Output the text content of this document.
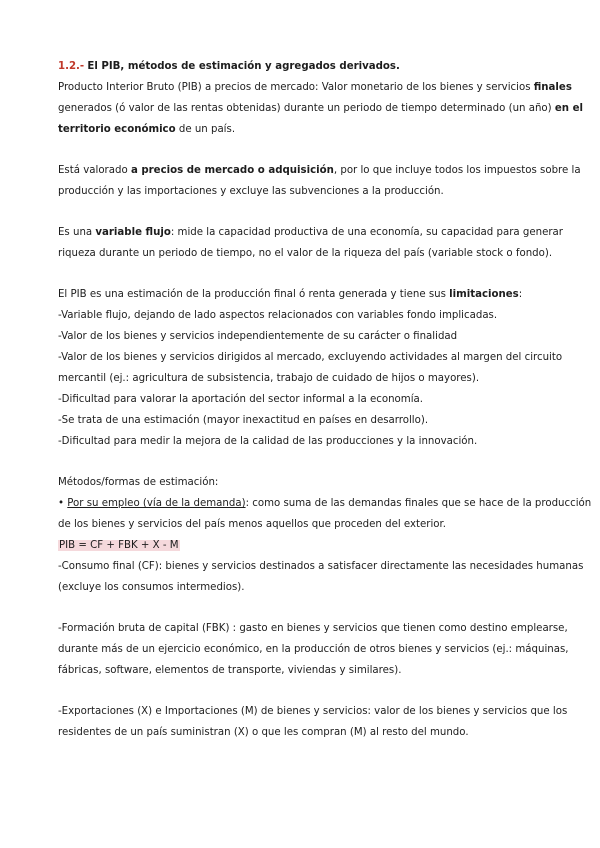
1.2.- El PIB, métodos de estimación y agregados derivados.
Producto Interior Bruto (PIB) a precios de mercado: Valor monetario de los bienes y servicios finales
generados (ó valor de las rentas obtenidas) durante un periodo de tiempo determinado (un año) en el
territorio económico de un país.
Está valorado a precios de mercado o adquisición, por lo que incluye todos los impuestos sobre la
producción y las importaciones y excluye las subvenciones a la producción.
Es una variable flujo: mide la capacidad productiva de una economía, su capacidad para generar
riqueza durante un periodo de tiempo, no el valor de la riqueza del país (variable stock o fondo).
El PIB es una estimación de la producción final ó renta generada y tiene sus limitaciones:
-Variable flujo, dejando de lado aspectos relacionados con variables fondo implicadas.
-Valor de los bienes y servicios independientemente de su carácter o finalidad
-Valor de los bienes y servicios dirigidos al mercado, excluyendo actividades al margen del circuito
mercantil (ej.: agricultura de subsistencia, trabajo de cuidado de hijos o mayores).
-Dificultad para valorar la aportación del sector informal a la economía.
-Se trata de una estimación (mayor inexactitud en países en desarrollo).
-Dificultad para medir la mejora de la calidad de las producciones y la innovación.
Métodos/formas de estimación:
• Por su empleo (vía de la demanda): como suma de las demandas finales que se hace de la producción
de los bienes y servicios del país menos aquellos que proceden del exterior.
PIB = CF + FBK + X - M
-Consumo final (CF): bienes y servicios destinados a satisfacer directamente las necesidades humanas
(excluye los consumos intermedios).
-Formación bruta de capital (FBK) : gasto en bienes y servicios que tienen como destino emplearse,
durante más de un ejercicio económico, en la producción de otros bienes y servicios (ej.: máquinas,
fábricas, software, elementos de transporte, viviendas y similares).
-Exportaciones (X) e Importaciones (M) de bienes y servicios: valor de los bienes y servicios que los
residentes de un país suministran (X) o que les compran (M) al resto del mundo.
